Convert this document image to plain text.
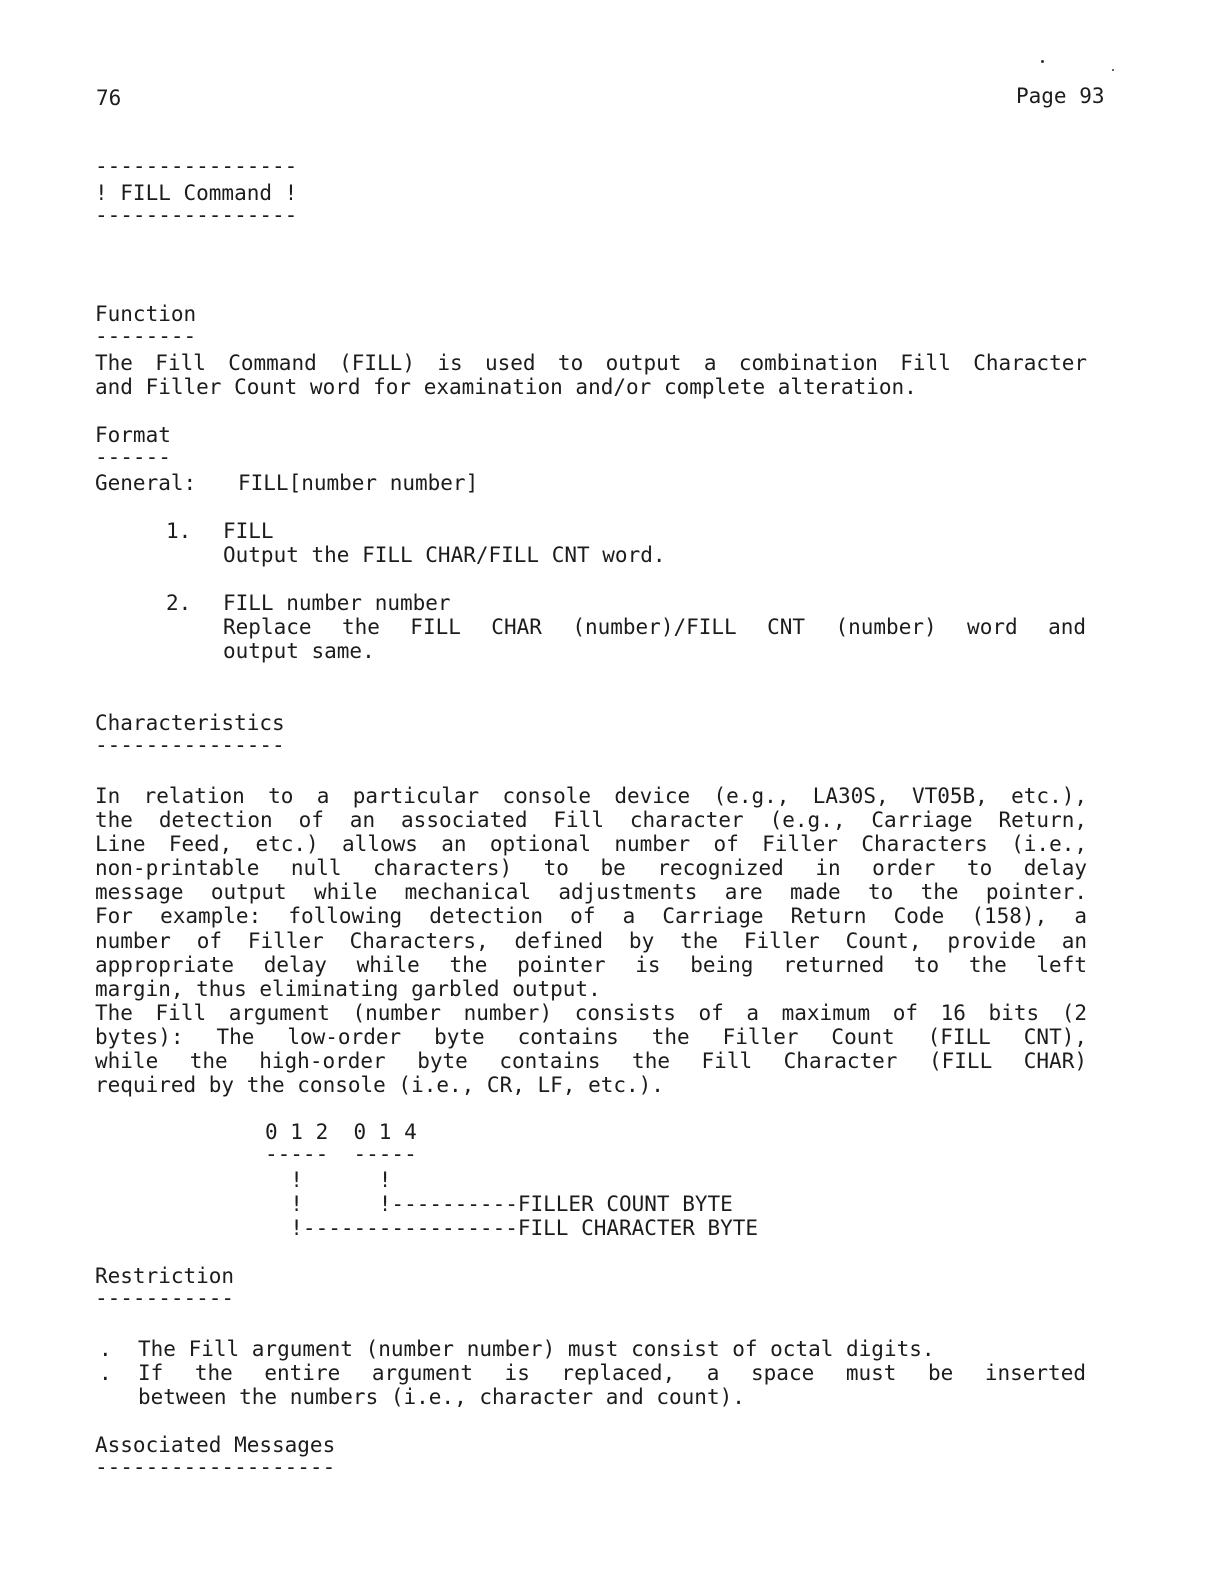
76	Page 93
----------------
! FILL Command !
----------------
Function
--------
The Fill Command (FILL) is used to output a combination Fill Character
and Filler Count word for examination and/or complete alteration.
Format
------
General: FILL[number number]
1. FILL
Output the FILL CHAR/FILL CNT word.
2. FILL number number
Replace the FILL CHAR (number)/FILL CNT (number) word and
output same.
Characteristics
---------------
In relation to a particular console device (e.g., LA30S, VT05B, etc.),
the detection of an associated Fill character (e.g., Carriage Return,
Line Feed, etc.) allows an optional number of Filler Characters (i.e.,
non-printable null characters) to be recognized in order to delay
message output while mechanical adjustments are made to the pointer.
For example: following detection of a Carriage Return Code (158), a
number of Filler Characters, defined by the Filler Count, provide an
appropriate delay while the pointer is being returned to the left
margin, thus eliminating garbled output.
The Fill argument (number number) consists of a maximum of 16 bits (2
bytes): The low-order byte contains the Filler Count (FILL CNT),
while the high-order byte contains the Fill Character (FILL CHAR)
required by the console (i.e., CR, LF, etc.).
0 1 2  0 1 4
-----  -----
!      !
!      !----------FILLER COUNT BYTE
!-----------------FILL CHARACTER BYTE
Restriction
-----------
. The Fill argument (number number) must consist of octal digits.
. If the entire argument is replaced, a space must be inserted
between the numbers (i.e., character and count).
Associated Messages
-------------------
